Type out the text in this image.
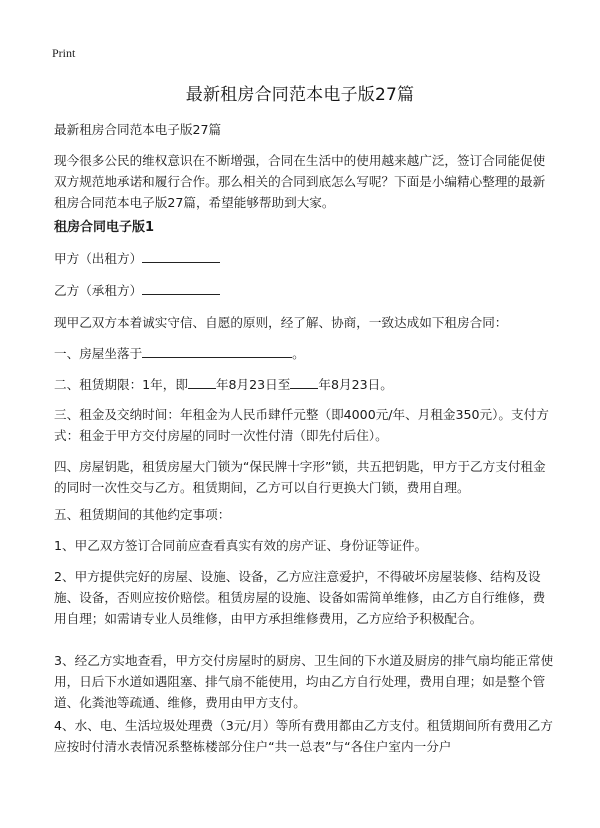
Print
最新租房合同范本电子版27篇

最新租房合同范本电子版27篇

现今很多公民的维权意识在不断增强，合同在生活中的使用越来越广泛，签订合同能促使双方规范地承诺和履行合作。那么相关的合同到底怎么写呢？下面是小编精心整理的最新租房合同范本电子版27篇，希望能够帮助到大家。

租房合同电子版1

甲方（出租方）

乙方（承租方）

现甲乙双方本着诚实守信、自愿的原则，经了解、协商，一致达成如下租房合同：

一、房屋坐落于	。

二、租赁期限：1年，即 年8月23日至 年8月23日。

三、租金及交纳时间：年租金为人民币肆仟元整（即4000元/年、月租金350元）。支付方式：租金于甲方交付房屋的同时一次性付清（即先付后住）。

四、房屋钥匙，租赁房屋大门锁为“保民牌十字形”锁，共五把钥匙，甲方于乙方支付租金的同时一次性交与乙方。租赁期间，乙方可以自行更换大门锁，费用自理。

五、租赁期间的其他约定事项：

1、甲乙双方签订合同前应查看真实有效的房产证、身份证等证件。

2、甲方提供完好的房屋、设施、设备，乙方应注意爱护，不得破坏房屋装修、结构及设施、设备，否则应按价赔偿。租赁房屋的设施、设备如需简单维修，由乙方自行维修，费用自理；如需请专业人员维修，由甲方承担维修费用，乙方应给予积极配合。

3、经乙方实地查看，甲方交付房屋时的厨房、卫生间的下水道及厨房的排气扇均能正常使用，日后下水道如遇阻塞、排气扇不能使用，均由乙方自行处理，费用自理；如是整个管道、化粪池等疏通、维修，费用由甲方支付。

4、水、电、生活垃圾处理费（3元/月）等所有费用都由乙方支付。租赁期间所有费用乙方应按时付清水表情况系整栋楼部分住户“共一总表”与“各住户室内一分户
